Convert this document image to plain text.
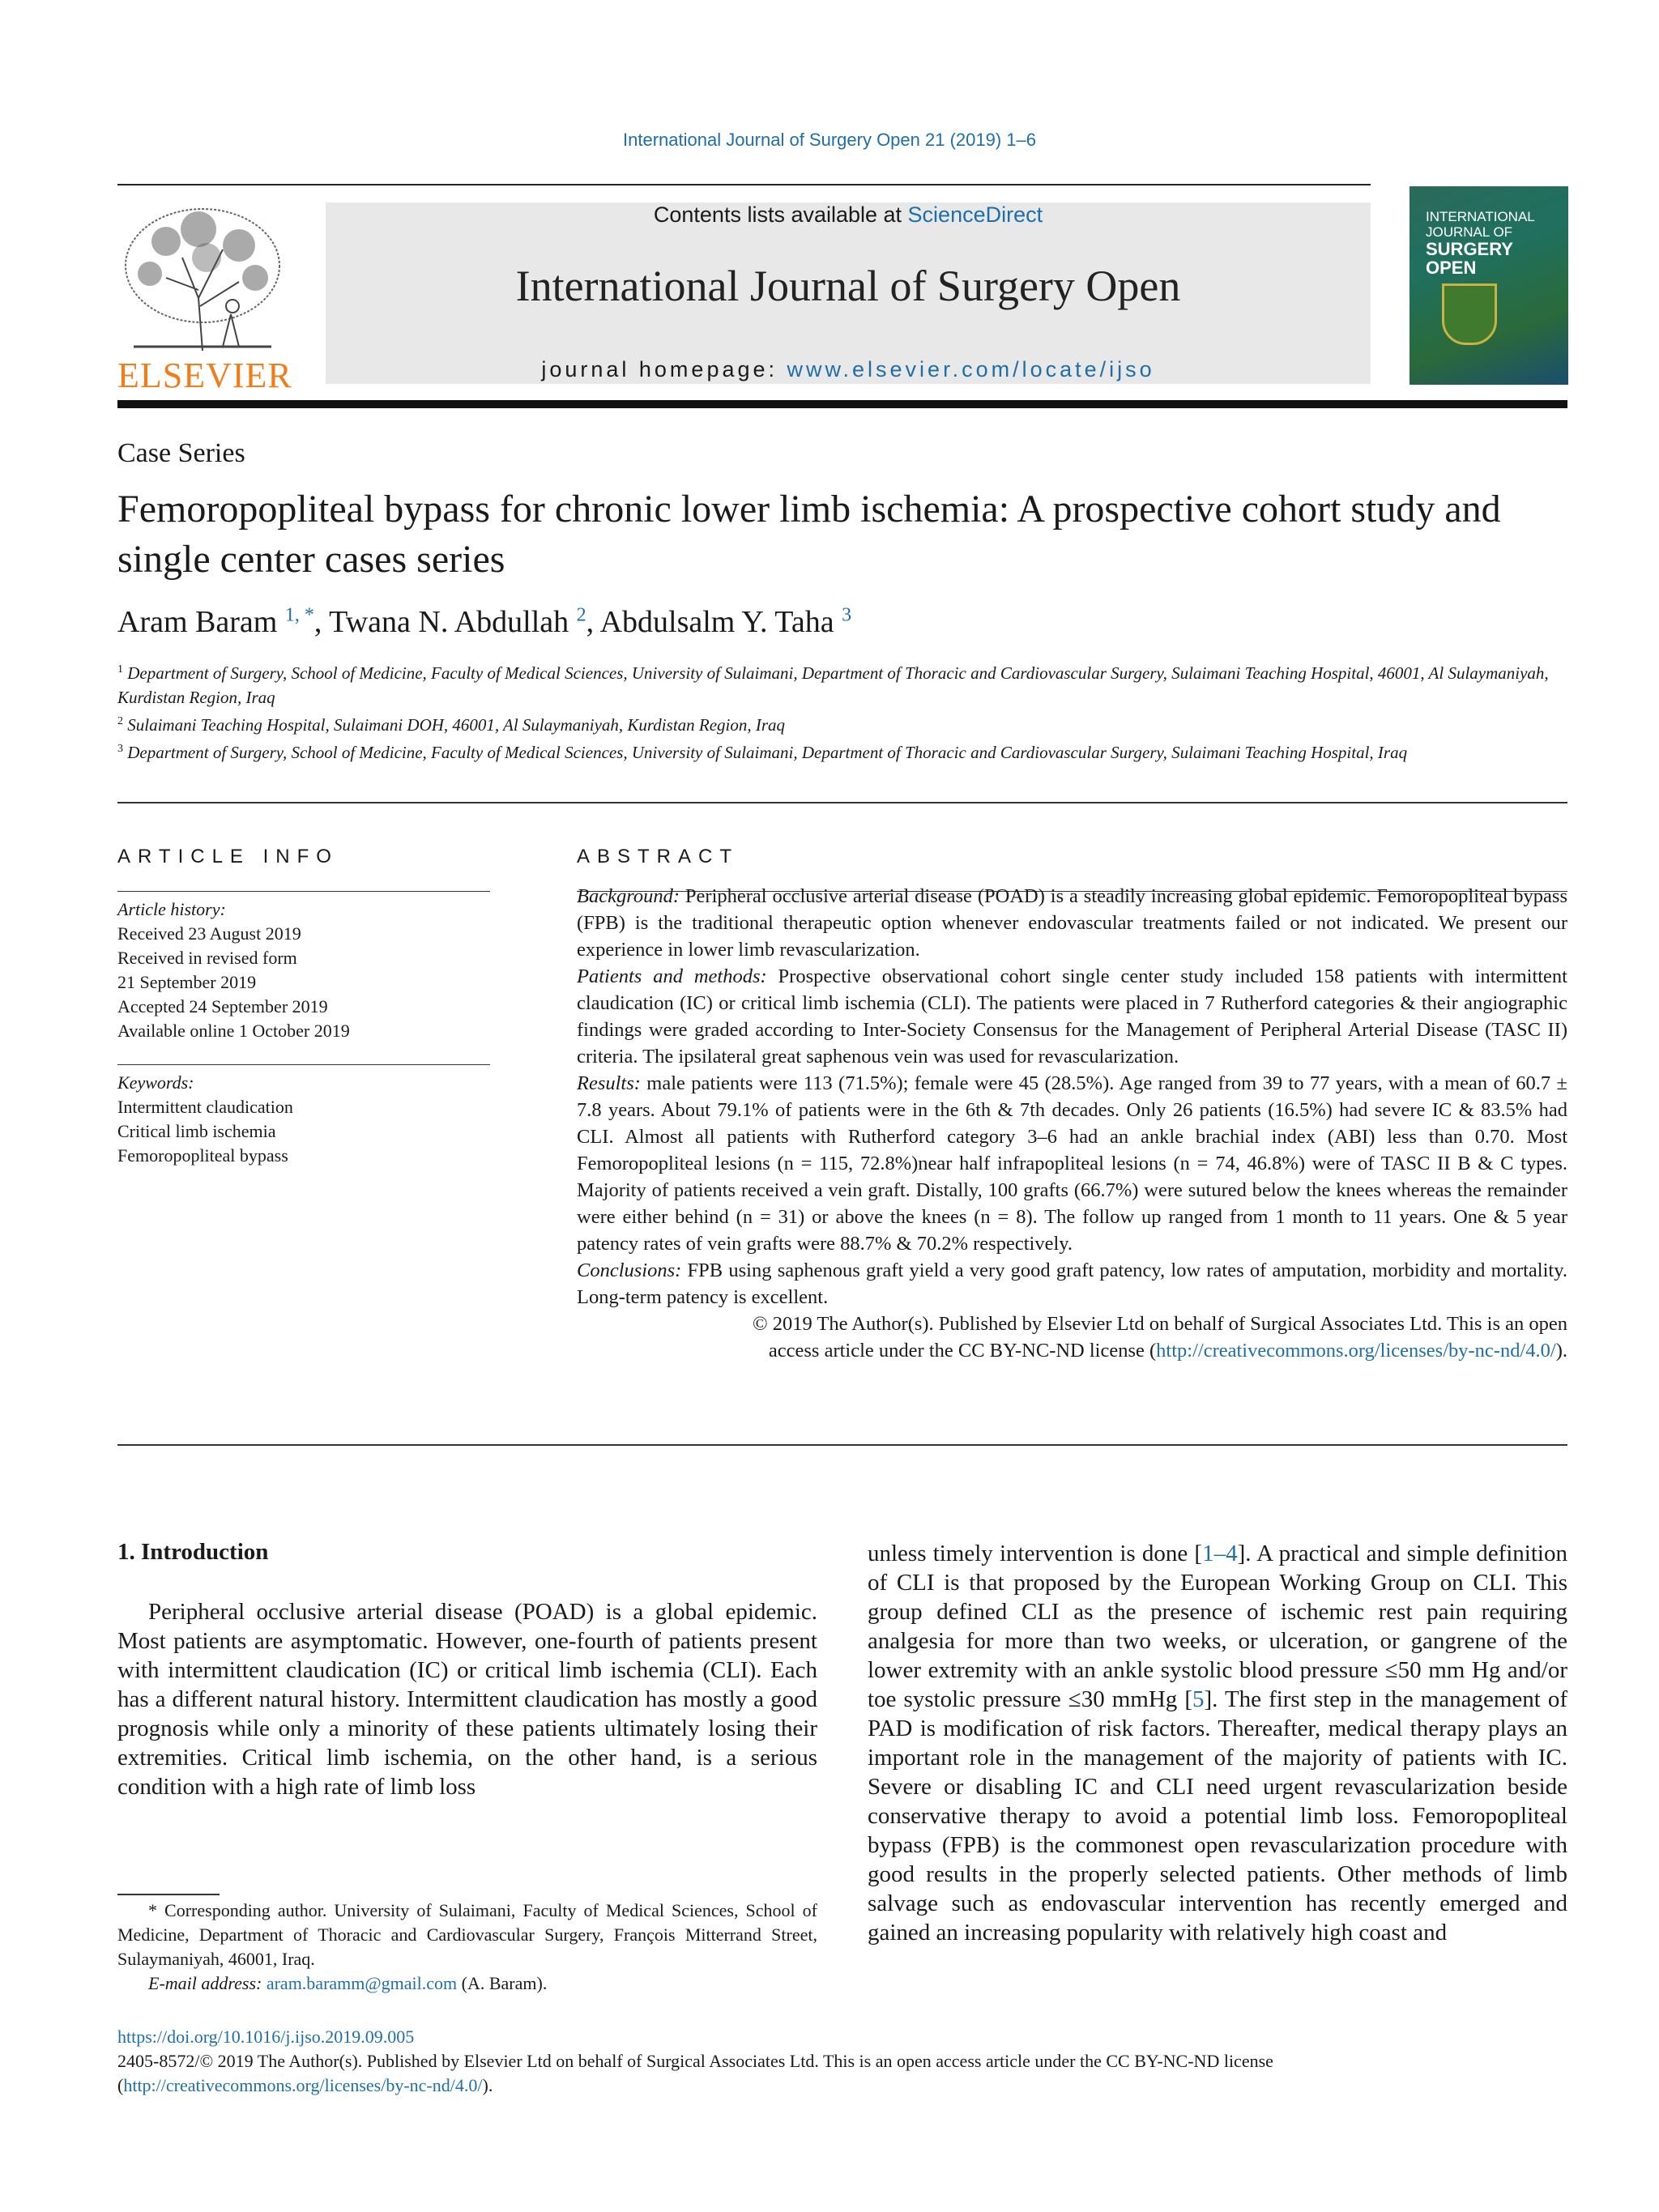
International Journal of Surgery Open 21 (2019) 1–6
ELSEVIER
Contents lists available at ScienceDirect
International Journal of Surgery Open
journal homepage: www.elsevier.com/locate/ijso
INTERNATIONAL
JOURNAL OF
SURGERY
OPEN
Case Series
Femoropopliteal bypass for chronic lower limb ischemia: A prospective cohort study and single center cases series
Aram Baram $^{1, *}$, Twana N. Abdullah $^2$, Abdulsalm Y. Taha $^3$
$^1$ Department of Surgery, School of Medicine, Faculty of Medical Sciences, University of Sulaimani, Department of Thoracic and Cardiovascular Surgery, Sulaimani Teaching Hospital, 46001, Al Sulaymaniyah, Kurdistan Region, Iraq
$^2$ Sulaimani Teaching Hospital, Sulaimani DOH, 46001, Al Sulaymaniyah, Kurdistan Region, Iraq
$^3$ Department of Surgery, School of Medicine, Faculty of Medical Sciences, University of Sulaimani, Department of Thoracic and Cardiovascular Surgery, Sulaimani Teaching Hospital, Iraq
ARTICLE INFO
Article history:
Received 23 August 2019
Received in revised form
21 September 2019
Accepted 24 September 2019
Available online 1 October 2019
Keywords:
Intermittent claudication
Critical limb ischemia
Femoropopliteal bypass
ABSTRACT

Background: Peripheral occlusive arterial disease (POAD) is a steadily increasing global epidemic. Femoropopliteal bypass (FPB) is the traditional therapeutic option whenever endovascular treatments failed or not indicated. We present our experience in lower limb revascularization.

Patients and methods: Prospective observational cohort single center study included 158 patients with intermittent claudication (IC) or critical limb ischemia (CLI). The patients were placed in 7 Rutherford categories & their angiographic findings were graded according to Inter-Society Consensus for the Management of Peripheral Arterial Disease (TASC II) criteria. The ipsilateral great saphenous vein was used for revascularization.

Results: male patients were 113 (71.5%); female were 45 (28.5%). Age ranged from 39 to 77 years, with a mean of 60.7 ± 7.8 years. About 79.1% of patients were in the 6th & 7th decades. Only 26 patients (16.5%) had severe IC & 83.5% had CLI. Almost all patients with Rutherford category 3–6 had an ankle brachial index (ABI) less than 0.70. Most Femoropopliteal lesions (n = 115, 72.8%)near half infrapopliteal lesions (n = 74, 46.8%) were of TASC II B & C types. Majority of patients received a vein graft. Distally, 100 grafts (66.7%) were sutured below the knees whereas the remainder were either behind (n = 31) or above the knees (n = 8). The follow up ranged from 1 month to 11 years. One & 5 year patency rates of vein grafts were 88.7% & 70.2% respectively.

Conclusions: FPB using saphenous graft yield a very good graft patency, low rates of amputation, morbidity and mortality. Long-term patency is excellent.

© 2019 The Author(s). Published by Elsevier Ltd on behalf of Surgical Associates Ltd. This is an open

access article under the CC BY-NC-ND license (http://creativecommons.org/licenses/by-nc-nd/4.0/).

1. Introduction

Peripheral occlusive arterial disease (POAD) is a global epidemic. Most patients are asymptomatic. However, one-fourth of patients present with intermittent claudication (IC) or critical limb ischemia (CLI). Each has a different natural history. Intermittent claudication has mostly a good prognosis while only a minority of these patients ultimately losing their extremities. Critical limb ischemia, on the other hand, is a serious condition with a high rate of limb loss

unless timely intervention is done [1–4]. A practical and simple definition of CLI is that proposed by the European Working Group on CLI. This group defined CLI as the presence of ischemic rest pain requiring analgesia for more than two weeks, or ulceration, or gangrene of the lower extremity with an ankle systolic blood pressure ≤50 mm Hg and/or toe systolic pressure ≤30 mmHg [5]. The first step in the management of PAD is modification of risk factors. Thereafter, medical therapy plays an important role in the management of the majority of patients with IC. Severe or disabling IC and CLI need urgent revascularization beside conservative therapy to avoid a potential limb loss. Femoropopliteal bypass (FPB) is the commonest open revascularization procedure with good results in the properly selected patients. Other methods of limb salvage such as endovascular intervention has recently emerged and gained an increasing popularity with relatively high coast and

* Corresponding author. University of Sulaimani, Faculty of Medical Sciences, School of Medicine, Department of Thoracic and Cardiovascular Surgery, François Mitterrand Street, Sulaymaniyah, 46001, Iraq.
E-mail address: aram.baramm@gmail.com (A. Baram).
https://doi.org/10.1016/j.ijso.2019.09.005
2405-8572/© 2019 The Author(s). Published by Elsevier Ltd on behalf of Surgical Associates Ltd. This is an open access article under the CC BY-NC-ND license (http://creativecommons.org/licenses/by-nc-nd/4.0/).
